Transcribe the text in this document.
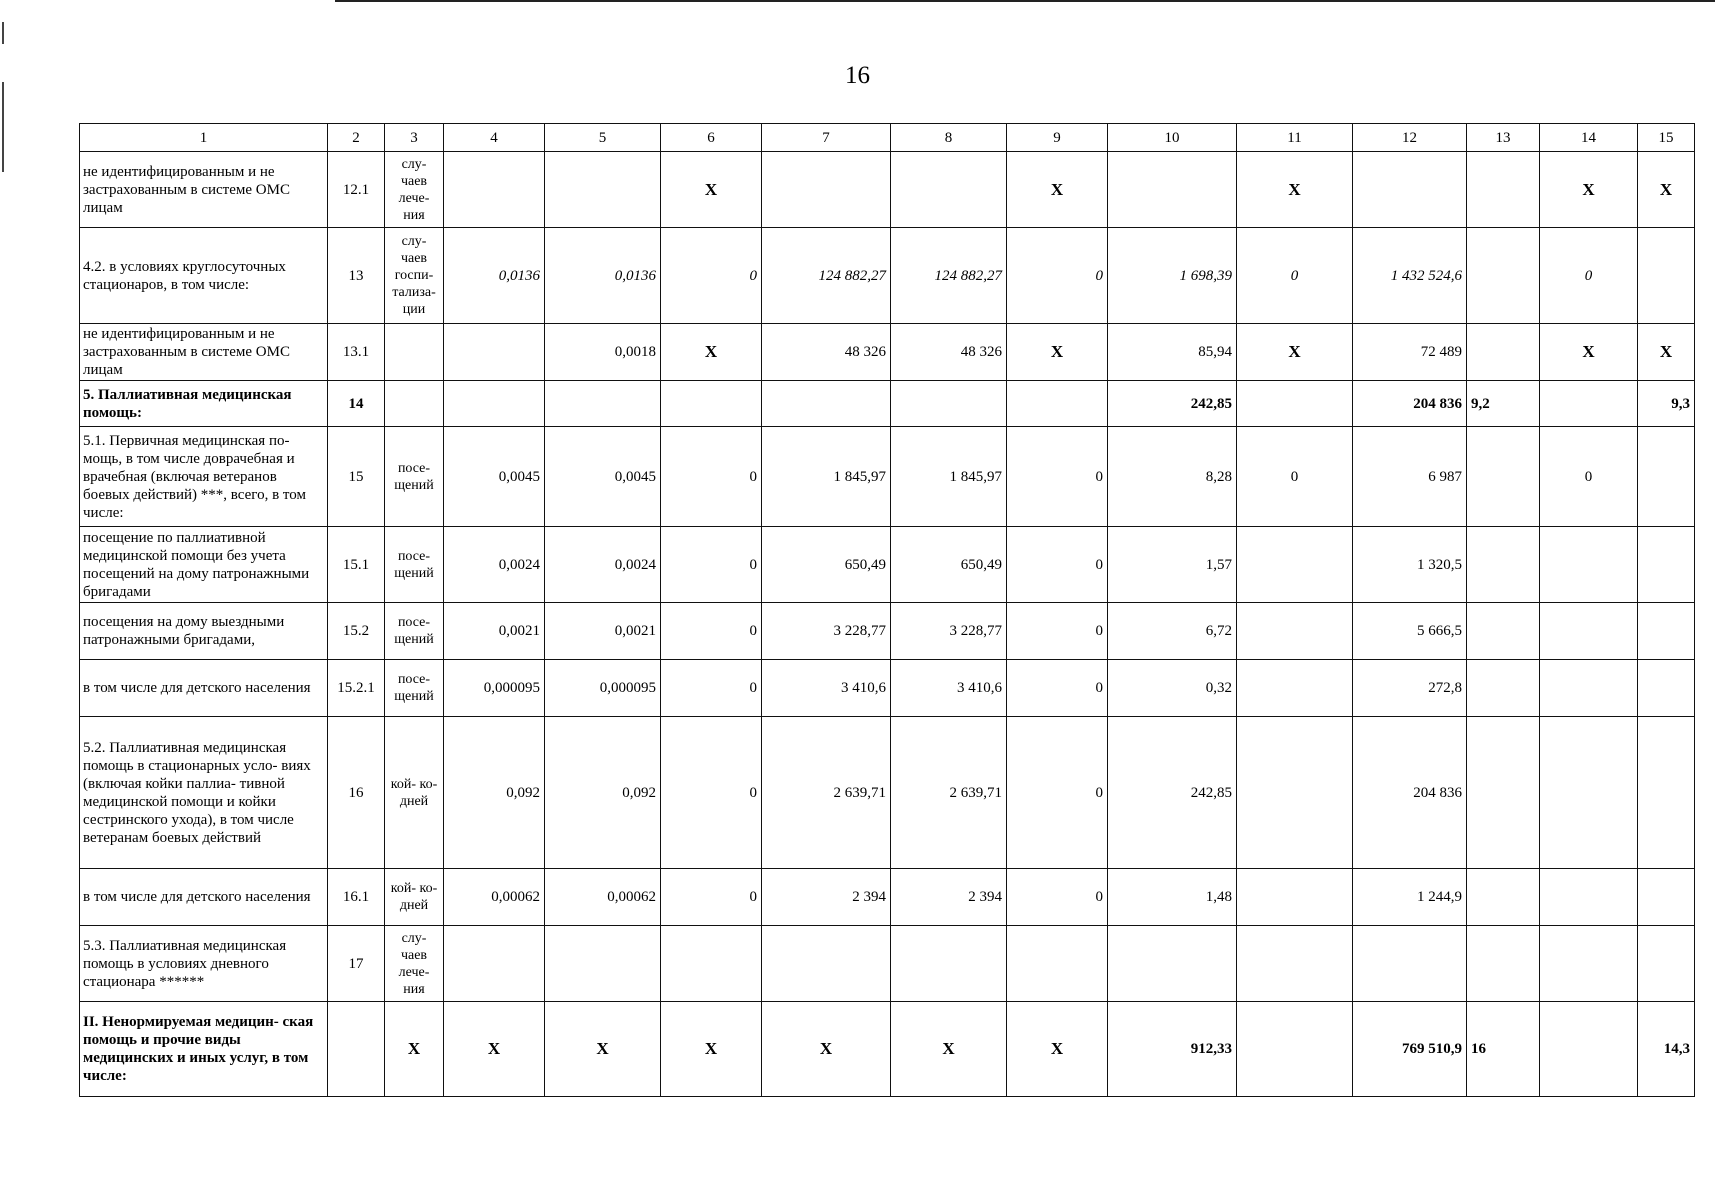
16
1	2	3	4	5	6	7	8	9	10	11	12	13	14	15
не идентифицированным и не застрахованным в системе ОМС лицам	12.1	слу- чаев лече- ния			Х			Х		Х			Х	Х
4.2. в условиях круглосуточных стационаров, в том числе:	13	слу- чаев госпи- тализа- ции	0,0136	0,0136	0	124 882,27	124 882,27	0	1 698,39	0	1 432 524,6		0	
не идентифицированным и не застрахованным в системе ОМС лицам	13.1			0,0018	Х	48 326	48 326	Х	85,94	Х	72 489		Х	Х
5. Паллиативная медицинская помощь:	14								242,85		204 836	9,2		9,3
5.1. Первичная медицинская по- мощь, в том числе доврачебная и врачебная (включая ветеранов боевых действий) ***, всего, в том числе:	15	посе- щений	0,0045	0,0045	0	1 845,97	1 845,97	0	8,28	0	6 987		0	
посещение по паллиативной медицинской помощи без учета посещений на дому патронажными бригадами	15.1	посе- щений	0,0024	0,0024	0	650,49	650,49	0	1,57		1 320,5			
посещения на дому выездными патронажными бригадами,	15.2	посе- щений	0,0021	0,0021	0	3 228,77	3 228,77	0	6,72		5 666,5			
в том числе для детского населения	15.2.1	посе- щений	0,000095	0,000095	0	3 410,6	3 410,6	0	0,32		272,8			
5.2. Паллиативная медицинская помощь в стационарных усло- виях (включая койки паллиа- тивной медицинской помощи и койки сестринского ухода), в том числе ветеранам боевых действий	16	кой- ко- дней	0,092	0,092	0	2 639,71	2 639,71	0	242,85		204 836			
в том числе для детского населения	16.1	кой- ко- дней	0,00062	0,00062	0	2 394	2 394	0	1,48		1 244,9			
5.3. Паллиативная медицинская помощь в условиях дневного стационара ******	17	слу- чаев лече- ния												
II. Ненормируемая медицин- ская помощь и прочие виды медицинских и иных услуг, в том числе:		Х	Х	Х	Х	Х	Х	Х	912,33		769 510,9	16		14,3
